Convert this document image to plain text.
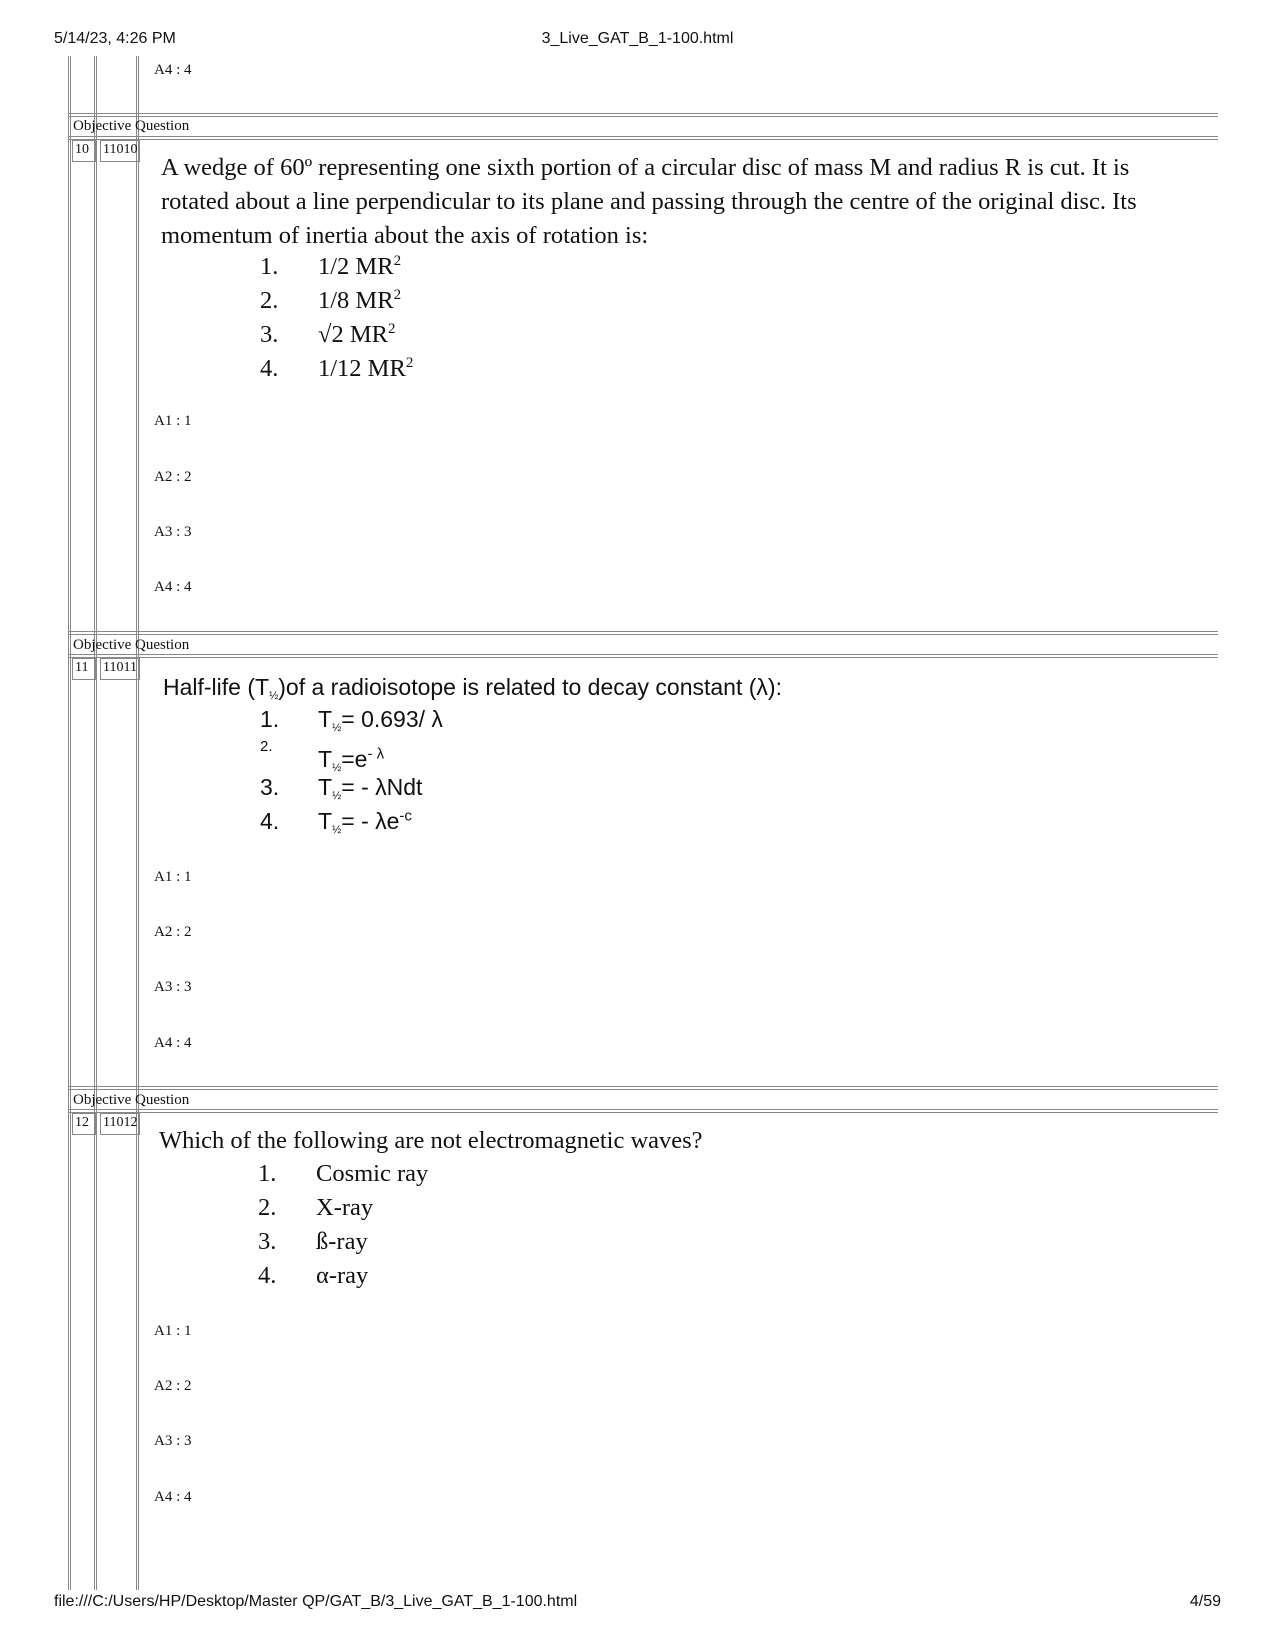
5/14/23, 4:26 PM	3_Live_GAT_B_1-100.html
file:///C:/Users/HP/Desktop/Master QP/GAT_B/3_Live_GAT_B_1-100.html	4/59
A4 : 4
Objective Question
10	11010
A wedge of 60º representing one sixth portion of a circular disc of mass M and radius R is cut. It is rotated about a line perpendicular to its plane and passing through the centre of the original disc. Its momentum of inertia about the axis of rotation is:
1.	1/2 $MR^2$
2.	1/8 $MR^2$
3.	√2 $MR^2$
4.	1/12 $MR^2$
A1 : 1
A2 : 2
A3 : 3
A4 : 4
Objective Question
11	11011
Half-life (T½)of a radioisotope is related to decay constant (λ):
1.	T½= 0.693/ λ
2.	$T\frac{1}{2}=e^{- \lambda}$
3.	T½= - λNdt
4.	T½= - $\lambda e^{-c}$
A1 : 1
A2 : 2
A3 : 3
A4 : 4
Objective Question
12	11012
Which of the following are not electromagnetic waves?
1.	Cosmic ray
2.	X-ray
3.	ß-ray
4.	α-ray
A1 : 1
A2 : 2
A3 : 3
A4 : 4
